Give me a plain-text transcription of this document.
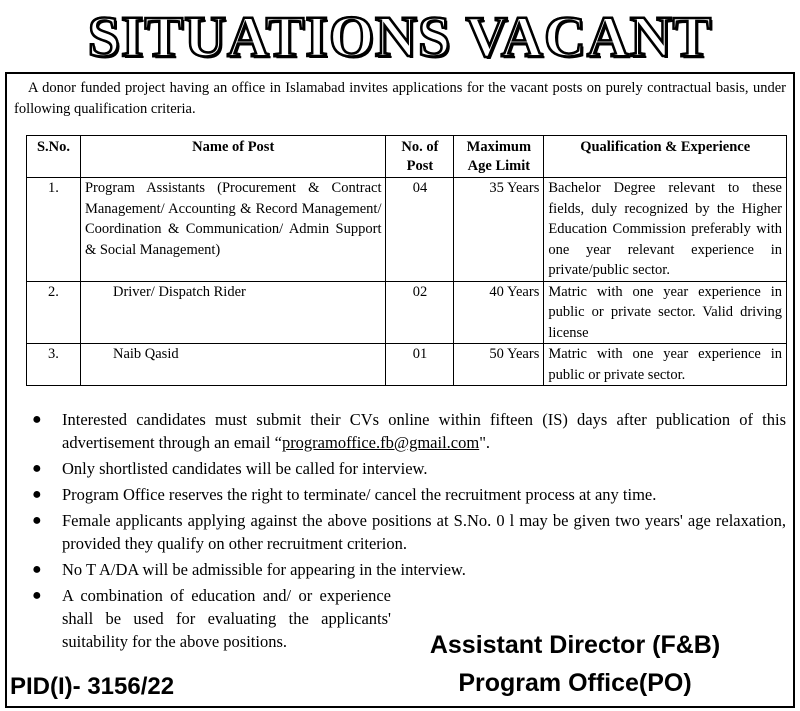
SITUATIONS VACANT

A donor funded project having an office in Islamabad invites applications for the vacant posts on purely contractual basis, under following qualification criteria.

S.No.	Name of Post	No. of Post	Maximum Age Limit	Qualification & Experience
1.	Program Assistants (Procurement & Contract Management/ Accounting & Record Management/ Coordination & Communication/ Admin Support & Social Management)	04	35 Years	Bachelor Degree relevant to these fields, duly recognized by the Higher Education Commission preferably with one year relevant experience in private/public sector.
2.	Driver/ Dispatch Rider	02	40 Years	Matric with one year experience in public or private sector. Valid driving license
3.	Naib Qasid	01	50 Years	Matric with one year experience in public or private sector.
● Interested candidates must submit their CVs online within fifteen (IS) days after publication of this advertisement through an email “programoffice.fb@gmail.com".
● Only shortlisted candidates will be called for interview.
● Program Office reserves the right to terminate/ cancel the recruitment process at any time.
● Female applicants applying against the above positions at S.No. 0 l may be given two years' age relaxation, provided they qualify on other recruitment criterion.
● No T A/DA will be admissible for appearing in the interview.
● A combination of education and/ or experience shall be used for evaluating the applicants' suitability for the above positions.	Assistant Director (F&B)
Program Office(PO)
PID(I)- 3156/22
